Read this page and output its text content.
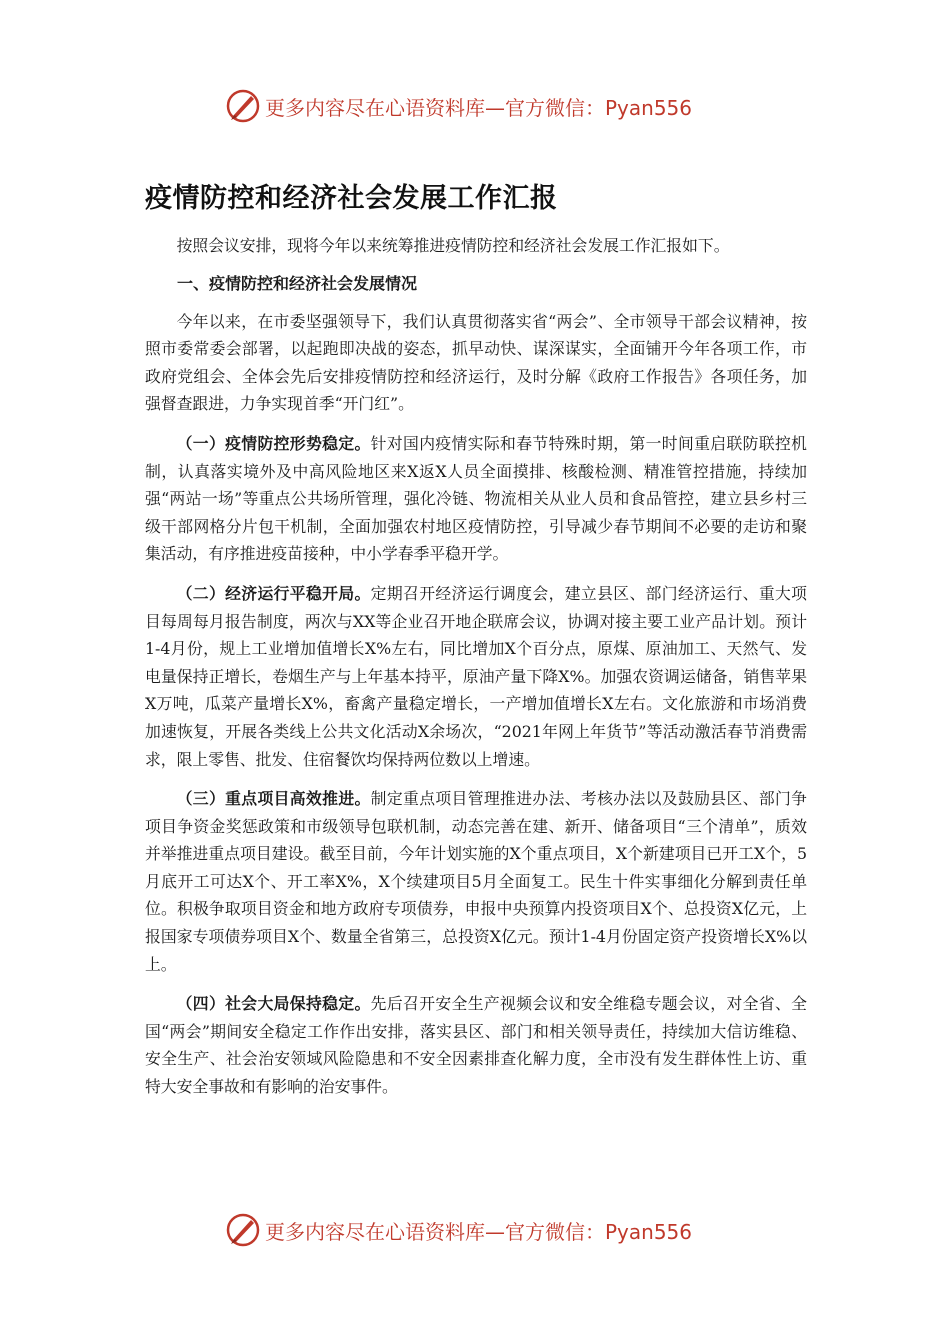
更多内容尽在心语资料库—官方微信：Pyan556
疫情防控和经济社会发展工作汇报

按照会议安排，现将今年以来统筹推进疫情防控和经济社会发展工作汇报如下。

一、疫情防控和经济社会发展情况

今年以来，在市委坚强领导下，我们认真贯彻落实省“两会”、全市领导干部会议精神，按照市委常委会部署，以起跑即决战的姿态，抓早动快、谋深谋实，全面铺开今年各项工作，市政府党组会、全体会先后安排疫情防控和经济运行，及时分解《政府工作报告》各项任务，加强督查跟进，力争实现首季“开门红”。

（一）疫情防控形势稳定。针对国内疫情实际和春节特殊时期，第一时间重启联防联控机制，认真落实境外及中高风险地区来X返X人员全面摸排、核酸检测、精准管控措施，持续加强“两站一场”等重点公共场所管理，强化冷链、物流相关从业人员和食品管控，建立县乡村三级干部网格分片包干机制，全面加强农村地区疫情防控，引导减少春节期间不必要的走访和聚集活动，有序推进疫苗接种，中小学春季平稳开学。

（二）经济运行平稳开局。定期召开经济运行调度会，建立县区、部门经济运行、重大项目每周每月报告制度，两次与XX等企业召开地企联席会议，协调对接主要工业产品计划。预计1-4月份，规上工业增加值增长X%左右，同比增加X个百分点，原煤、原油加工、天然气、发电量保持正增长，卷烟生产与上年基本持平，原油产量下降X%。加强农资调运储备，销售苹果X万吨，瓜菜产量增长X%，畜禽产量稳定增长，一产增加值增长X左右。文化旅游和市场消费加速恢复，开展各类线上公共文化活动X余场次，“2021年网上年货节”等活动激活春节消费需求，限上零售、批发、住宿餐饮均保持两位数以上增速。

（三）重点项目高效推进。制定重点项目管理推进办法、考核办法以及鼓励县区、部门争项目争资金奖惩政策和市级领导包联机制，动态完善在建、新开、储备项目“三个清单”，质效并举推进重点项目建设。截至目前，今年计划实施的X个重点项目，X个新建项目已开工X个，5月底开工可达X个、开工率X%，X个续建项目5月全面复工。民生十件实事细化分解到责任单位。积极争取项目资金和地方政府专项债券，申报中央预算内投资项目X个、总投资X亿元，上报国家专项债券项目X个、数量全省第三，总投资X亿元。预计1-4月份固定资产投资增长X%以上。

（四）社会大局保持稳定。先后召开安全生产视频会议和安全维稳专题会议，对全省、全国“两会”期间安全稳定工作作出安排，落实县区、部门和相关领导责任，持续加大信访维稳、安全生产、社会治安领域风险隐患和不安全因素排查化解力度，全市没有发生群体性上访、重特大安全事故和有影响的治安事件。

更多内容尽在心语资料库—官方微信：Pyan556
